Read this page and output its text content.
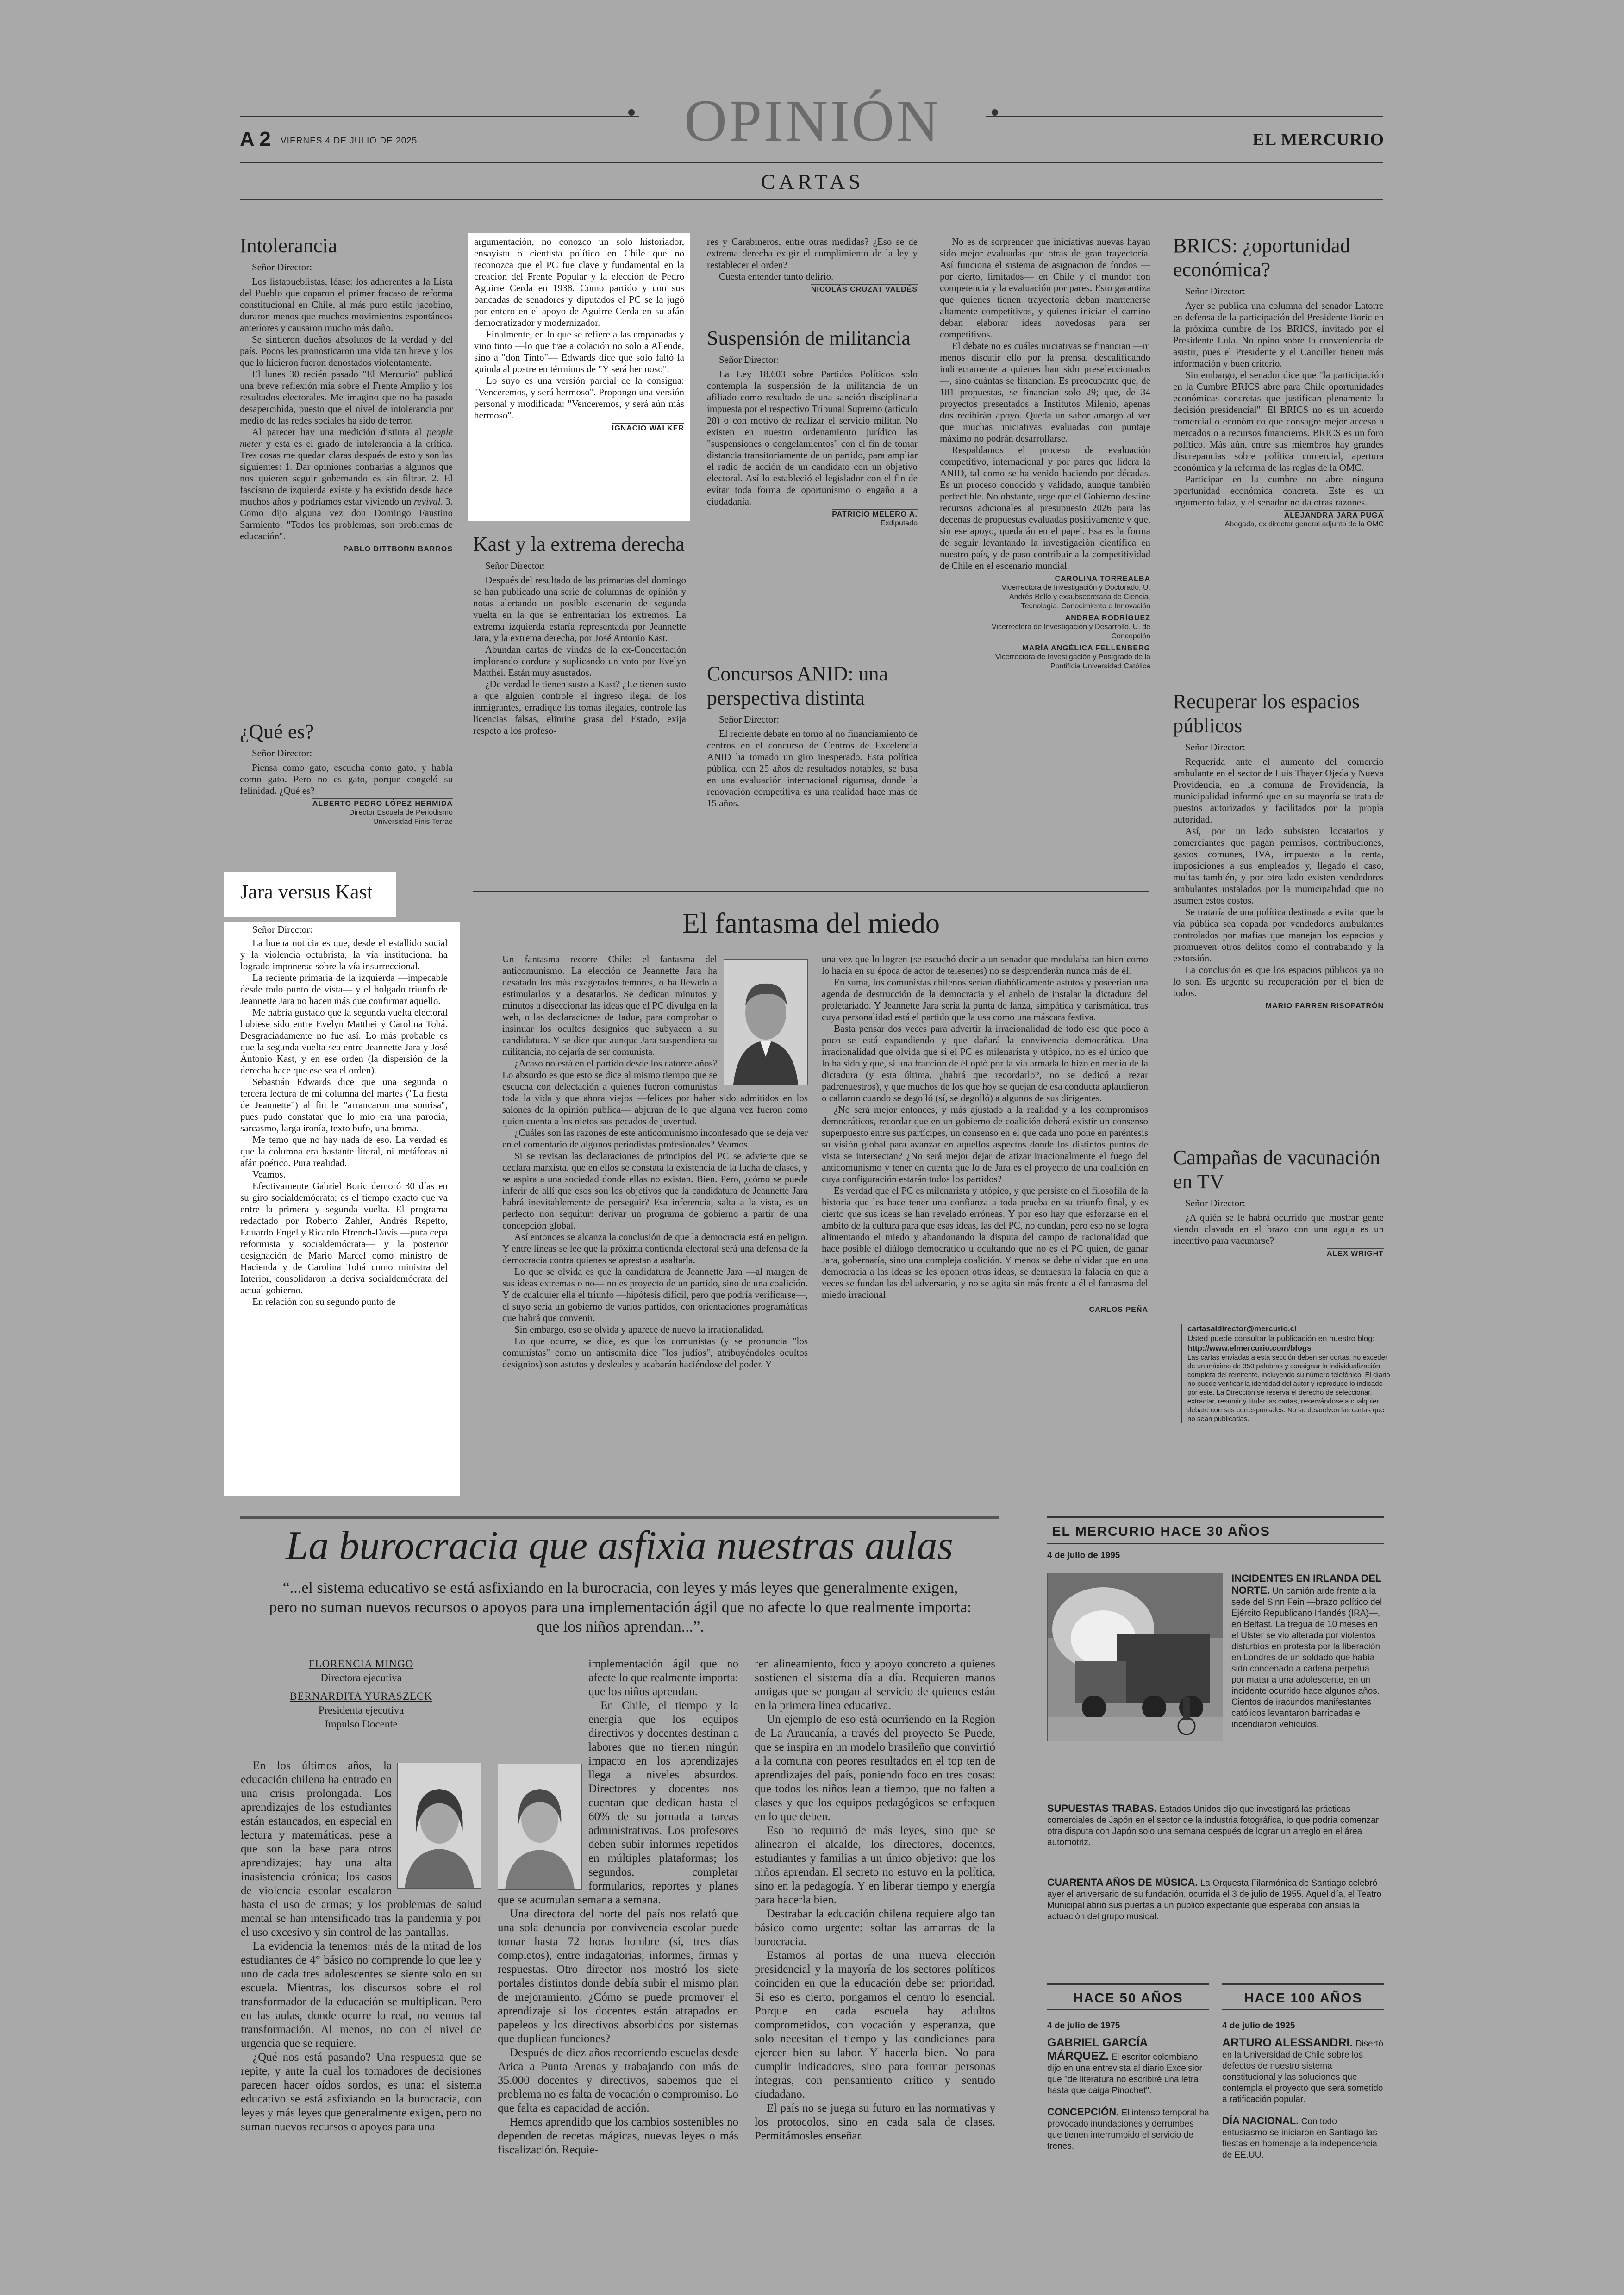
A 2 VIERNES 4 DE JULIO DE 2025	OPINIÓN	EL MERCURIO
CARTAS
Intolerancia
Señor Director:

Los listapueblistas, léase: los adherentes a la Lista del Pueblo que coparon el primer fracaso de reforma constitucional en Chile, al más puro estilo jacobino, duraron menos que muchos movimientos espontáneos anteriores y causaron mucho más daño.

Se sintieron dueños absolutos de la verdad y del país. Pocos les pronosticaron una vida tan breve y los que lo hicieron fueron denostados violentamente.

El lunes 30 recién pasado "El Mercurio" publicó una breve reflexión mía sobre el Frente Amplio y los resultados electorales. Me imagino que no ha pasado desapercibida, puesto que el nivel de intolerancia por medio de las redes sociales ha sido de terror.

Al parecer hay una medición distinta al people meter y esta es el grado de intolerancia a la crítica. Tres cosas me quedan claras después de esto y son las siguientes: 1. Dar opiniones contrarias a algunos que nos quieren seguir gobernando es sin filtrar. 2. El fascismo de izquierda existe y ha existido desde hace muchos años y podríamos estar viviendo un revival. 3. Como dijo alguna vez don Domingo Faustino Sarmiento: "Todos los problemas, son problemas de educación".

PABLO DITTBORN BARROS
¿Qué es?
Señor Director:

Piensa como gato, escucha como gato, y habla como gato. Pero no es gato, porque congeló su felinidad. ¿Qué es?

ALBERTO PEDRO LÓPEZ-HERMIDA
Director Escuela de Periodismo
Universidad Finis Terrae
Jara versus Kast
Señor Director:

La buena noticia es que, desde el estallido social y la violencia octubrista, la vía institucional ha logrado imponerse sobre la vía insurreccional.

La reciente primaria de la izquierda —impecable desde todo punto de vista— y el holgado triunfo de Jeannette Jara no hacen más que confirmar aquello.

Me habría gustado que la segunda vuelta electoral hubiese sido entre Evelyn Matthei y Carolina Tohá. Desgraciadamente no fue así. Lo más probable es que la segunda vuelta sea entre Jeannette Jara y José Antonio Kast, y en ese orden (la dispersión de la derecha hace que ese sea el orden).

Sebastián Edwards dice que una segunda o tercera lectura de mi columna del martes ("La fiesta de Jeannette") al fin le "arrancaron una sonrisa", pues pudo constatar que lo mío era una parodia, sarcasmo, larga ironía, texto bufo, una broma.

Me temo que no hay nada de eso. La verdad es que la columna era bastante literal, ni metáforas ni afán poético. Pura realidad.

Veamos.

Efectivamente Gabriel Boric demoró 30 días en su giro socialdemócrata; es el tiempo exacto que va entre la primera y segunda vuelta. El programa redactado por Roberto Zahler, Andrés Repetto, Eduardo Engel y Ricardo Ffrench-Davis —pura cepa reformista y socialdemócrata— y la posterior designación de Mario Marcel como ministro de Hacienda y de Carolina Tohá como ministra del Interior, consolidaron la deriva socialdemócrata del actual gobierno.

En relación con su segundo punto de

argumentación, no conozco un solo historiador, ensayista o cientista político en Chile que no reconozca que el PC fue clave y fundamental en la creación del Frente Popular y la elección de Pedro Aguirre Cerda en 1938. Como partido y con sus bancadas de senadores y diputados el PC se la jugó por entero en el apoyo de Aguirre Cerda en su afán democratizador y modernizador.

Finalmente, en lo que se refiere a las empanadas y vino tinto —lo que trae a colación no solo a Allende, sino a "don Tinto"— Edwards dice que solo faltó la guinda al postre en términos de "Y será hermoso".

Lo suyo es una versión parcial de la consigna: "Venceremos, y será hermoso". Propongo una versión personal y modificada: "Venceremos, y será aún más hermoso".

IGNACIO WALKER
Kast y la extrema derecha
Señor Director:

Después del resultado de las primarias del domingo se han publicado una serie de columnas de opinión y notas alertando un posible escenario de segunda vuelta en la que se enfrentarían los extremos. La extrema izquierda estaría representada por Jeannette Jara, y la extrema derecha, por José Antonio Kast.

Abundan cartas de vindas de la ex-Concertación implorando cordura y suplicando un voto por Evelyn Matthei. Están muy asustados.

¿De verdad le tienen susto a Kast? ¿Le tienen susto a que alguien controle el ingreso ilegal de los inmigrantes, erradique las tomas ilegales, controle las licencias falsas, elimine grasa del Estado, exija respeto a los profeso-

res y Carabineros, entre otras medidas? ¿Eso se de extrema derecha exigir el cumplimiento de la ley y restablecer el orden?

Cuesta entender tanto delirio.

NICOLÁS CRUZAT VALDÉS
Suspensión de militancia
Señor Director:

La Ley 18.603 sobre Partidos Políticos solo contempla la suspensión de la militancia de un afiliado como resultado de una sanción disciplinaria impuesta por el respectivo Tribunal Supremo (artículo 28) o con motivo de realizar el servicio militar. No existen en nuestro ordenamiento jurídico las "suspensiones o congelamientos" con el fin de tomar distancia transitoriamente de un partido, para ampliar el radio de acción de un candidato con un objetivo electoral. Así lo estableció el legislador con el fin de evitar toda forma de oportunismo o engaño a la ciudadanía.

PATRICIO MELERO A.
Exdiputado
Concursos ANID: una perspectiva distinta
Señor Director:

El reciente debate en torno al no financiamiento de centros en el concurso de Centros de Excelencia ANID ha tomado un giro inesperado. Esta política pública, con 25 años de resultados notables, se basa en una evaluación internacional rigurosa, donde la renovación competitiva es una realidad hace más de 15 años.

No es de sorprender que iniciativas nuevas hayan sido mejor evaluadas que otras de gran trayectoria. Así funciona el sistema de asignación de fondos —por cierto, limitados— en Chile y el mundo: con competencia y la evaluación por pares. Esto garantiza que quienes tienen trayectoria deban mantenerse altamente competitivos, y quienes inician el camino deban elaborar ideas novedosas para ser competitivos.

El debate no es cuáles iniciativas se financian —ni menos discutir ello por la prensa, descalificando indirectamente a quienes han sido preseleccionados—, sino cuántas se financian. Es preocupante que, de 181 propuestas, se financian solo 29; que, de 34 proyectos presentados a Institutos Milenio, apenas dos recibirán apoyo. Queda un sabor amargo al ver que muchas iniciativas evaluadas con puntaje máximo no podrán desarrollarse.

Respaldamos el proceso de evaluación competitivo, internacional y por pares que lidera la ANID, tal como se ha venido haciendo por décadas. Es un proceso conocido y validado, aunque también perfectible. No obstante, urge que el Gobierno destine recursos adicionales al presupuesto 2026 para las decenas de propuestas evaluadas positivamente y que, sin ese apoyo, quedarán en el papel. Esa es la forma de seguir levantando la investigación científica en nuestro país, y de paso contribuir a la competitividad de Chile en el escenario mundial.

CAROLINA TORREALBA
Vicerrectora de Investigación y Doctorado, U.
Andrés Bello y exsubsecretaria de Ciencia,
Tecnología, Conocimiento e Innovación
ANDREA RODRÍGUEZ
Vicerrectora de Investigación y Desarrollo, U. de
Concepción
MARÍA ANGÉLICA FELLENBERG
Vicerrectora de Investigación y Postgrado de la
Pontificia Universidad Católica
BRICS: ¿oportunidad económica?
Señor Director:

Ayer se publica una columna del senador Latorre en defensa de la participación del Presidente Boric en la próxima cumbre de los BRICS, invitado por el Presidente Lula. No opino sobre la conveniencia de asistir, pues el Presidente y el Canciller tienen más información y buen criterio.

Sin embargo, el senador dice que "la participación en la Cumbre BRICS abre para Chile oportunidades económicas concretas que justifican plenamente la decisión presidencial". El BRICS no es un acuerdo comercial o económico que consagre mejor acceso a mercados o a recursos financieros. BRICS es un foro político. Más aún, entre sus miembros hay grandes discrepancias sobre política comercial, apertura económica y la reforma de las reglas de la OMC.

Participar en la cumbre no abre ninguna oportunidad económica concreta. Este es un argumento falaz, y el senador no da otras razones.

ALEJANDRA JARA PUGA
Abogada, ex director general adjunto de la OMC
Recuperar los espacios públicos
Señor Director:

Requerida ante el aumento del comercio ambulante en el sector de Luis Thayer Ojeda y Nueva Providencia, en la comuna de Providencia, la municipalidad informó que en su mayoría se trata de puestos autorizados y facilitados por la propia autoridad.

Así, por un lado subsisten locatarios y comerciantes que pagan permisos, contribuciones, gastos comunes, IVA, impuesto a la renta, imposiciones a sus empleados y, llegado el caso, multas también, y por otro lado existen vendedores ambulantes instalados por la municipalidad que no asumen estos costos.

Se trataría de una política destinada a evitar que la vía pública sea copada por vendedores ambulantes controlados por mafias que manejan los espacios y promueven otros delitos como el contrabando y la extorsión.

La conclusión es que los espacios públicos ya no lo son. Es urgente su recuperación por el bien de todos.

MARIO FARREN RISOPATRÓN
Campañas de vacunación en TV
Señor Director:

¿A quién se le habrá ocurrido que mostrar gente siendo clavada en el brazo con una aguja es un incentivo para vacunarse?

ALEX WRIGHT
cartasaldirector@mercurio.cl
Usted puede consultar la publicación en nuestro blog:
http://www.elmercurio.com/blogs
Las cartas enviadas a esta sección deben ser cortas, no exceder de un máximo de 350 palabras y consignar la individualización completa del remitente, incluyendo su número telefónico. El diario no puede verificar la identidad del autor y reproduce lo indicado por este. La Dirección se reserva el derecho de seleccionar, extractar, resumir y titular las cartas, reservándose a cualquier debate con sus corresponsales. No se devuelven las cartas que no sean publicadas.
El fantasma del miedo

Un fantasma recorre Chile: el fantasma del anticomunismo. La elección de Jeannette Jara ha desatado los más exagerados temores, o ha llevado a estimularlos y a desatarlos. Se dedican minutos y minutos a diseccionar las ideas que el PC divulga en la web, o las declaraciones de Jadue, para comprobar o insinuar los ocultos designios que subyacen a su candidatura. Y se dice que aunque Jara suspendiera su militancia, no dejaría de ser comunista.

¿Acaso no está en el partido desde los catorce años? Lo absurdo es que esto se dice al mismo tiempo que se escucha con delectación a quienes fueron comunistas toda la vida y que ahora viejos —felices por haber sido admitidos en los salones de la opinión pública— abjuran de lo que alguna vez fueron como quien cuenta a los nietos sus pecados de juventud.

¿Cuáles son las razones de este anticomunismo inconfesado que se deja ver en el comentario de algunos periodistas profesionales? Veamos.

Si se revisan las declaraciones de principios del PC se advierte que se declara marxista, que en ellos se constata la existencia de la lucha de clases, y se aspira a una sociedad donde ellas no existan. Bien. Pero, ¿cómo se puede inferir de allí que esos son los objetivos que la candidatura de Jeannette Jara habrá inevitablemente de perseguir? Esa inferencia, salta a la vista, es un perfecto non sequitur: derivar un programa de gobierno a partir de una concepción global.

Así entonces se alcanza la conclusión de que la democracia está en peligro. Y entre líneas se lee que la próxima contienda electoral será una defensa de la democracia contra quienes se aprestan a asaltarla.

Lo que se olvida es que la candidatura de Jeannette Jara —al margen de sus ideas extremas o no— no es proyecto de un partido, sino de una coalición. Y de cualquier ella el triunfo —hipótesis difícil, pero que podría verificarse—, el suyo sería un gobierno de varios partidos, con orientaciones programáticas que habrá que convenir.

Sin embargo, eso se olvida y aparece de nuevo la irracionalidad.

Lo que ocurre, se dice, es que los comunistas (y se pronuncia "los comunistas" como un antisemita dice "los judíos", atribuyéndoles ocultos designios) son astutos y desleales y acabarán haciéndose del poder. Y

una vez que lo logren (se escuchó decir a un senador que modulaba tan bien como lo hacía en su época de actor de teleseries) no se desprenderán nunca más de él.

En suma, los comunistas chilenos serían diabólicamente astutos y poseerían una agenda de destrucción de la democracia y el anhelo de instalar la dictadura del proletariado. Y Jeannette Jara sería la punta de lanza, simpática y carismática, tras cuya personalidad está el partido que la usa como una máscara festiva.

Basta pensar dos veces para advertir la irracionalidad de todo eso que poco a poco se está expandiendo y que dañará la convivencia democrática. Una irracionalidad que olvida que si el PC es milenarista y utópico, no es el único que lo ha sido y que, si una fracción de él optó por la vía armada lo hizo en medio de la dictadura (y esta última, ¿habrá que recordarlo?, no se dedicó a rezar padrenuestros), y que muchos de los que hoy se quejan de esa conducta aplaudieron o callaron cuando se degolló (sí, se degolló) a algunos de sus dirigentes.

¿No será mejor entonces, y más ajustado a la realidad y a los compromisos democráticos, recordar que en un gobierno de coalición deberá existir un consenso superpuesto entre sus partícipes, un consenso en el que cada uno pone en paréntesis su visión global para avanzar en aquellos aspectos donde los distintos puntos de vista se intersectan? ¿No será mejor dejar de atizar irracionalmente el fuego del anticomunismo y tener en cuenta que lo de Jara es el proyecto de una coalición en cuya configuración estarán todos los partidos?

Es verdad que el PC es milenarista y utópico, y que persiste en el filosofila de la historia que les hace tener una confianza a toda prueba en su triunfo final, y es cierto que sus ideas se han revelado erróneas. Y por eso hay que esforzarse en el ámbito de la cultura para que esas ideas, las del PC, no cundan, pero eso no se logra alimentando el miedo y abandonando la disputa del campo de racionalidad que hace posible el diálogo democrático u ocultando que no es el PC quien, de ganar Jara, gobernaría, sino una compleja coalición. Y menos se debe olvidar que en una democracia a las ideas se les oponen otras ideas, se demuestra la falacia en que a veces se fundan las del adversario, y no se agita sin más frente a él el fantasma del miedo irracional.

CARLOS PEÑA
La burocracia que asfixia nuestras aulas
“...el sistema educativo se está asfixiando en la burocracia, con leyes y más leyes que generalmente exigen, pero no suman nuevos recursos o apoyos para una implementación ágil que no afecte lo que realmente importa: que los niños aprendan...”.
FLORENCIA MINGO
Directora ejecutiva
BERNARDITA YURASZECK
Presidenta ejecutiva
Impulso Docente

En los últimos años, la educación chilena ha entrado en una crisis prolongada. Los aprendizajes de los estudiantes están estancados, en especial en lectura y matemáticas, pese a que son la base para otros aprendizajes; hay una alta inasistencia crónica; los casos de violencia escolar escalaron hasta el uso de armas; y los problemas de salud mental se han intensificado tras la pandemia y por el uso excesivo y sin control de las pantallas.

La evidencia la tenemos: más de la mitad de los estudiantes de 4° básico no comprende lo que lee y uno de cada tres adolescentes se siente solo en su escuela. Mientras, los discursos sobre el rol transformador de la educación se multiplican. Pero en las aulas, donde ocurre lo real, no vemos tal transformación. Al menos, no con el nivel de urgencia que se requiere.

¿Qué nos está pasando? Una respuesta que se repite, y ante la cual los tomadores de decisiones parecen hacer oídos sordos, es una: el sistema educativo se está asfixiando en la burocracia, con leyes y más leyes que generalmente exigen, pero no suman nuevos recursos o apoyos para una

implementación ágil que no afecte lo que realmente importa: que los niños aprendan.

En Chile, el tiempo y la energía que los equipos directivos y docentes destinan a labores que no tienen ningún impacto en los aprendizajes llega a niveles absurdos. Directores y docentes nos cuentan que dedican hasta el 60% de su jornada a tareas administrativas. Los profesores deben subir informes repetidos en múltiples plataformas; los segundos, completar formularios, reportes y planes que se acumulan semana a semana.

Una directora del norte del país nos relató que una sola denuncia por convivencia escolar puede tomar hasta 72 horas hombre (sí, tres días completos), entre indagatorias, informes, firmas y respuestas. Otro director nos mostró los siete portales distintos donde debía subir el mismo plan de mejoramiento. ¿Cómo se puede promover el aprendizaje si los docentes están atrapados en papeleos y los directivos absorbidos por sistemas que duplican funciones?

Después de diez años recorriendo escuelas desde Arica a Punta Arenas y trabajando con más de 35.000 docentes y directivos, sabemos que el problema no es falta de vocación o compromiso. Lo que falta es capacidad de acción.

Hemos aprendido que los cambios sostenibles no dependen de recetas mágicas, nuevas leyes o más fiscalización. Requie-

ren alineamiento, foco y apoyo concreto a quienes sostienen el sistema día a día. Requieren manos amigas que se pongan al servicio de quienes están en la primera línea educativa.

Un ejemplo de eso está ocurriendo en la Región de La Araucanía, a través del proyecto Se Puede, que se inspira en un modelo brasileño que convirtió a la comuna con peores resultados en el top ten de aprendizajes del país, poniendo foco en tres cosas: que todos los niños lean a tiempo, que no falten a clases y que los equipos pedagógicos se enfoquen en lo que deben.

Eso no requirió de más leyes, sino que se alinearon el alcalde, los directores, docentes, estudiantes y familias a un único objetivo: que los niños aprendan. El secreto no estuvo en la política, sino en la pedagogía. Y en liberar tiempo y energía para hacerla bien.

Destrabar la educación chilena requiere algo tan básico como urgente: soltar las amarras de la burocracia.

Estamos al portas de una nueva elección presidencial y la mayoría de los sectores políticos coinciden en que la educación debe ser prioridad. Si eso es cierto, pongamos el centro lo esencial. Porque en cada escuela hay adultos comprometidos, con vocación y esperanza, que solo necesitan el tiempo y las condiciones para ejercer bien su labor. Y hacerla bien. No para cumplir indicadores, sino para formar personas íntegras, con pensamiento crítico y sentido ciudadano.

El país no se juega su futuro en las normativas y los protocolos, sino en cada sala de clases. Permitámosles enseñar.

EL MERCURIO HACE 30 AÑOS
4 de julio de 1995
INCIDENTES EN IRLANDA DEL NORTE. Un camión arde frente a la sede del Sinn Fein —brazo político del Ejército Republicano Irlandés (IRA)—, en Belfast. La tregua de 10 meses en el Ulster se vio alterada por violentos disturbios en protesta por la liberación en Londres de un soldado que había sido condenado a cadena perpetua por matar a una adolescente, en un incidente ocurrido hace algunos años. Cientos de iracundos manifestantes católicos levantaron barricadas e incendiaron vehículos.
SUPUESTAS TRABAS. Estados Unidos dijo que investigará las prácticas comerciales de Japón en el sector de la industria fotográfica, lo que podría comenzar otra disputa con Japón solo una semana después de lograr un arreglo en el área automotriz.
CUARENTA AÑOS DE MÚSICA. La Orquesta Filarmónica de Santiago celebró ayer el aniversario de su fundación, ocurrida el 3 de julio de 1955. Aquel día, el Teatro Municipal abrió sus puertas a un público expectante que esperaba con ansias la actuación del grupo musical.
HACE 50 AÑOS
4 de julio de 1975
GABRIEL GARCÍA MÁRQUEZ. El escritor colombiano dijo en una entrevista al diario Excelsior que "de literatura no escribiré una letra hasta que caiga Pinochet".
CONCEPCIÓN. El intenso temporal ha provocado inundaciones y derrumbes que tienen interrumpido el servicio de trenes.
HACE 100 AÑOS
4 de julio de 1925
ARTURO ALESSANDRI. Disertó en la Universidad de Chile sobre los defectos de nuestro sistema constitucional y las soluciones que contempla el proyecto que será sometido a ratificación popular.
DÍA NACIONAL. Con todo entusiasmo se iniciaron en Santiago las fiestas en homenaje a la independencia de EE.UU.
